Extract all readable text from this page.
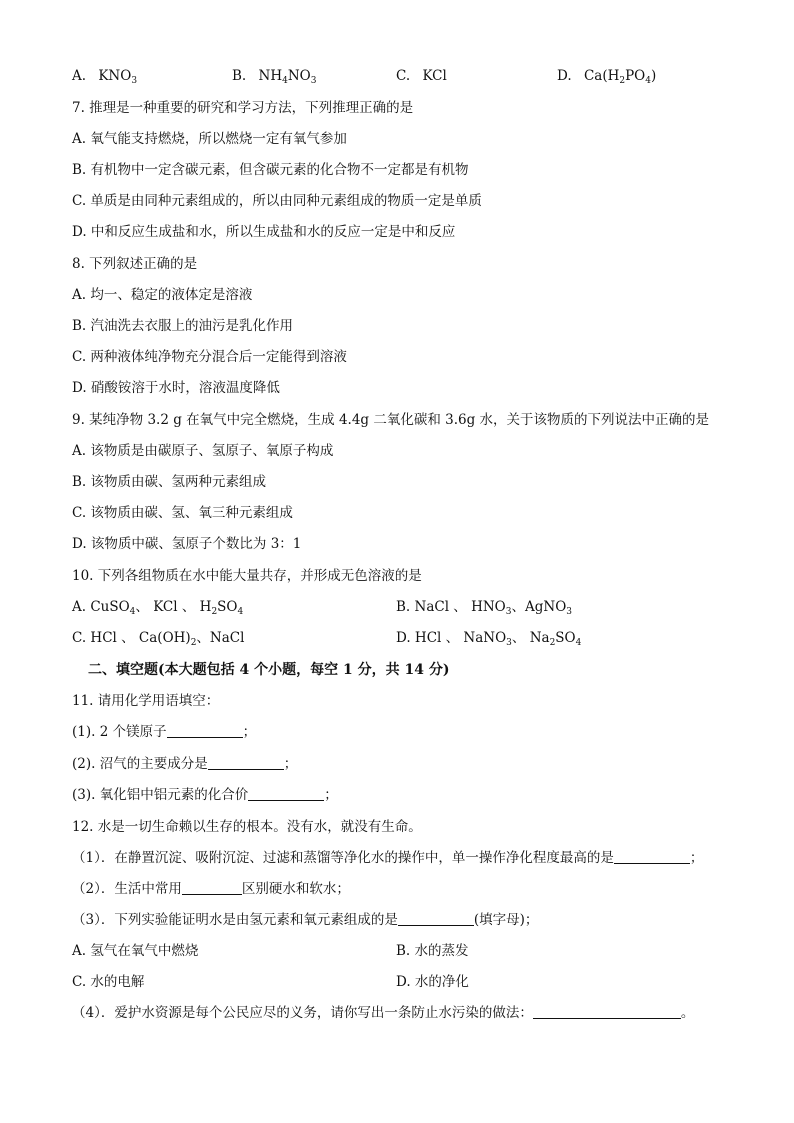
A. $KNO_3$	B. $NH_4NO_3$	C. KCl	D. $Ca(H_2PO_4)$
7. 推理是一种重要的研究和学习方法，下列推理正确的是
A. 氧气能支持燃烧，所以燃烧一定有氧气参加
B. 有机物中一定含碳元素，但含碳元素的化合物不一定都是有机物
C. 单质是由同种元素组成的，所以由同种元素组成的物质一定是单质
D. 中和反应生成盐和水，所以生成盐和水的反应一定是中和反应
8. 下列叙述正确的是
A. 均一、稳定的液体定是溶液
B. 汽油洗去衣服上的油污是乳化作用
C. 两种液体纯净物充分混合后一定能得到溶液
D. 硝酸铵溶于水时，溶液温度降低
9. 某纯净物 3.2 g 在氧气中完全燃烧，生成 4.4g 二氧化碳和 3.6g 水，关于该物质的下列说法中正确的是
A. 该物质是由碳原子、氢原子、氧原子构成
B. 该物质由碳、氢两种元素组成
C. 该物质由碳、氢、氧三种元素组成
D. 该物质中碳、氢原子个数比为 3：1
10. 下列各组物质在水中能大量共存，并形成无色溶液的是
A. CuSO$_4$、 KCl 、 $H_2SO_4$	B. NaCl 、 $HNO_3$、AgNO$_3$
C. HCl 、 $Ca(OH)_2$、NaCl	D. HCl 、 NaNO$_3$、 $Na_2SO_4$
二、填空题(本大题包括 4 个小题，每空 1 分，共 14 分)
11. 请用化学用语填空：
(1). 2 个镁原子	；
(2). 沼气的主要成分是	；
(3). 氧化铝中铝元素的化合价	；
12. 水是一切生命赖以生存的根本。没有水，就没有生命。
（1）．在静置沉淀、吸附沉淀、过滤和蒸馏等净化水的操作中，单一操作净化程度最高的是	；
（2）．生活中常用	区别硬水和软水；
（3）．下列实验能证明水是由氢元素和氧元素组成的是	(填字母)；
A. 氢气在氧气中燃烧	B. 水的蒸发
C. 水的电解	D. 水的净化
（4）．爱护水资源是每个公民应尽的义务，请你写出一条防止水污染的做法：	。
